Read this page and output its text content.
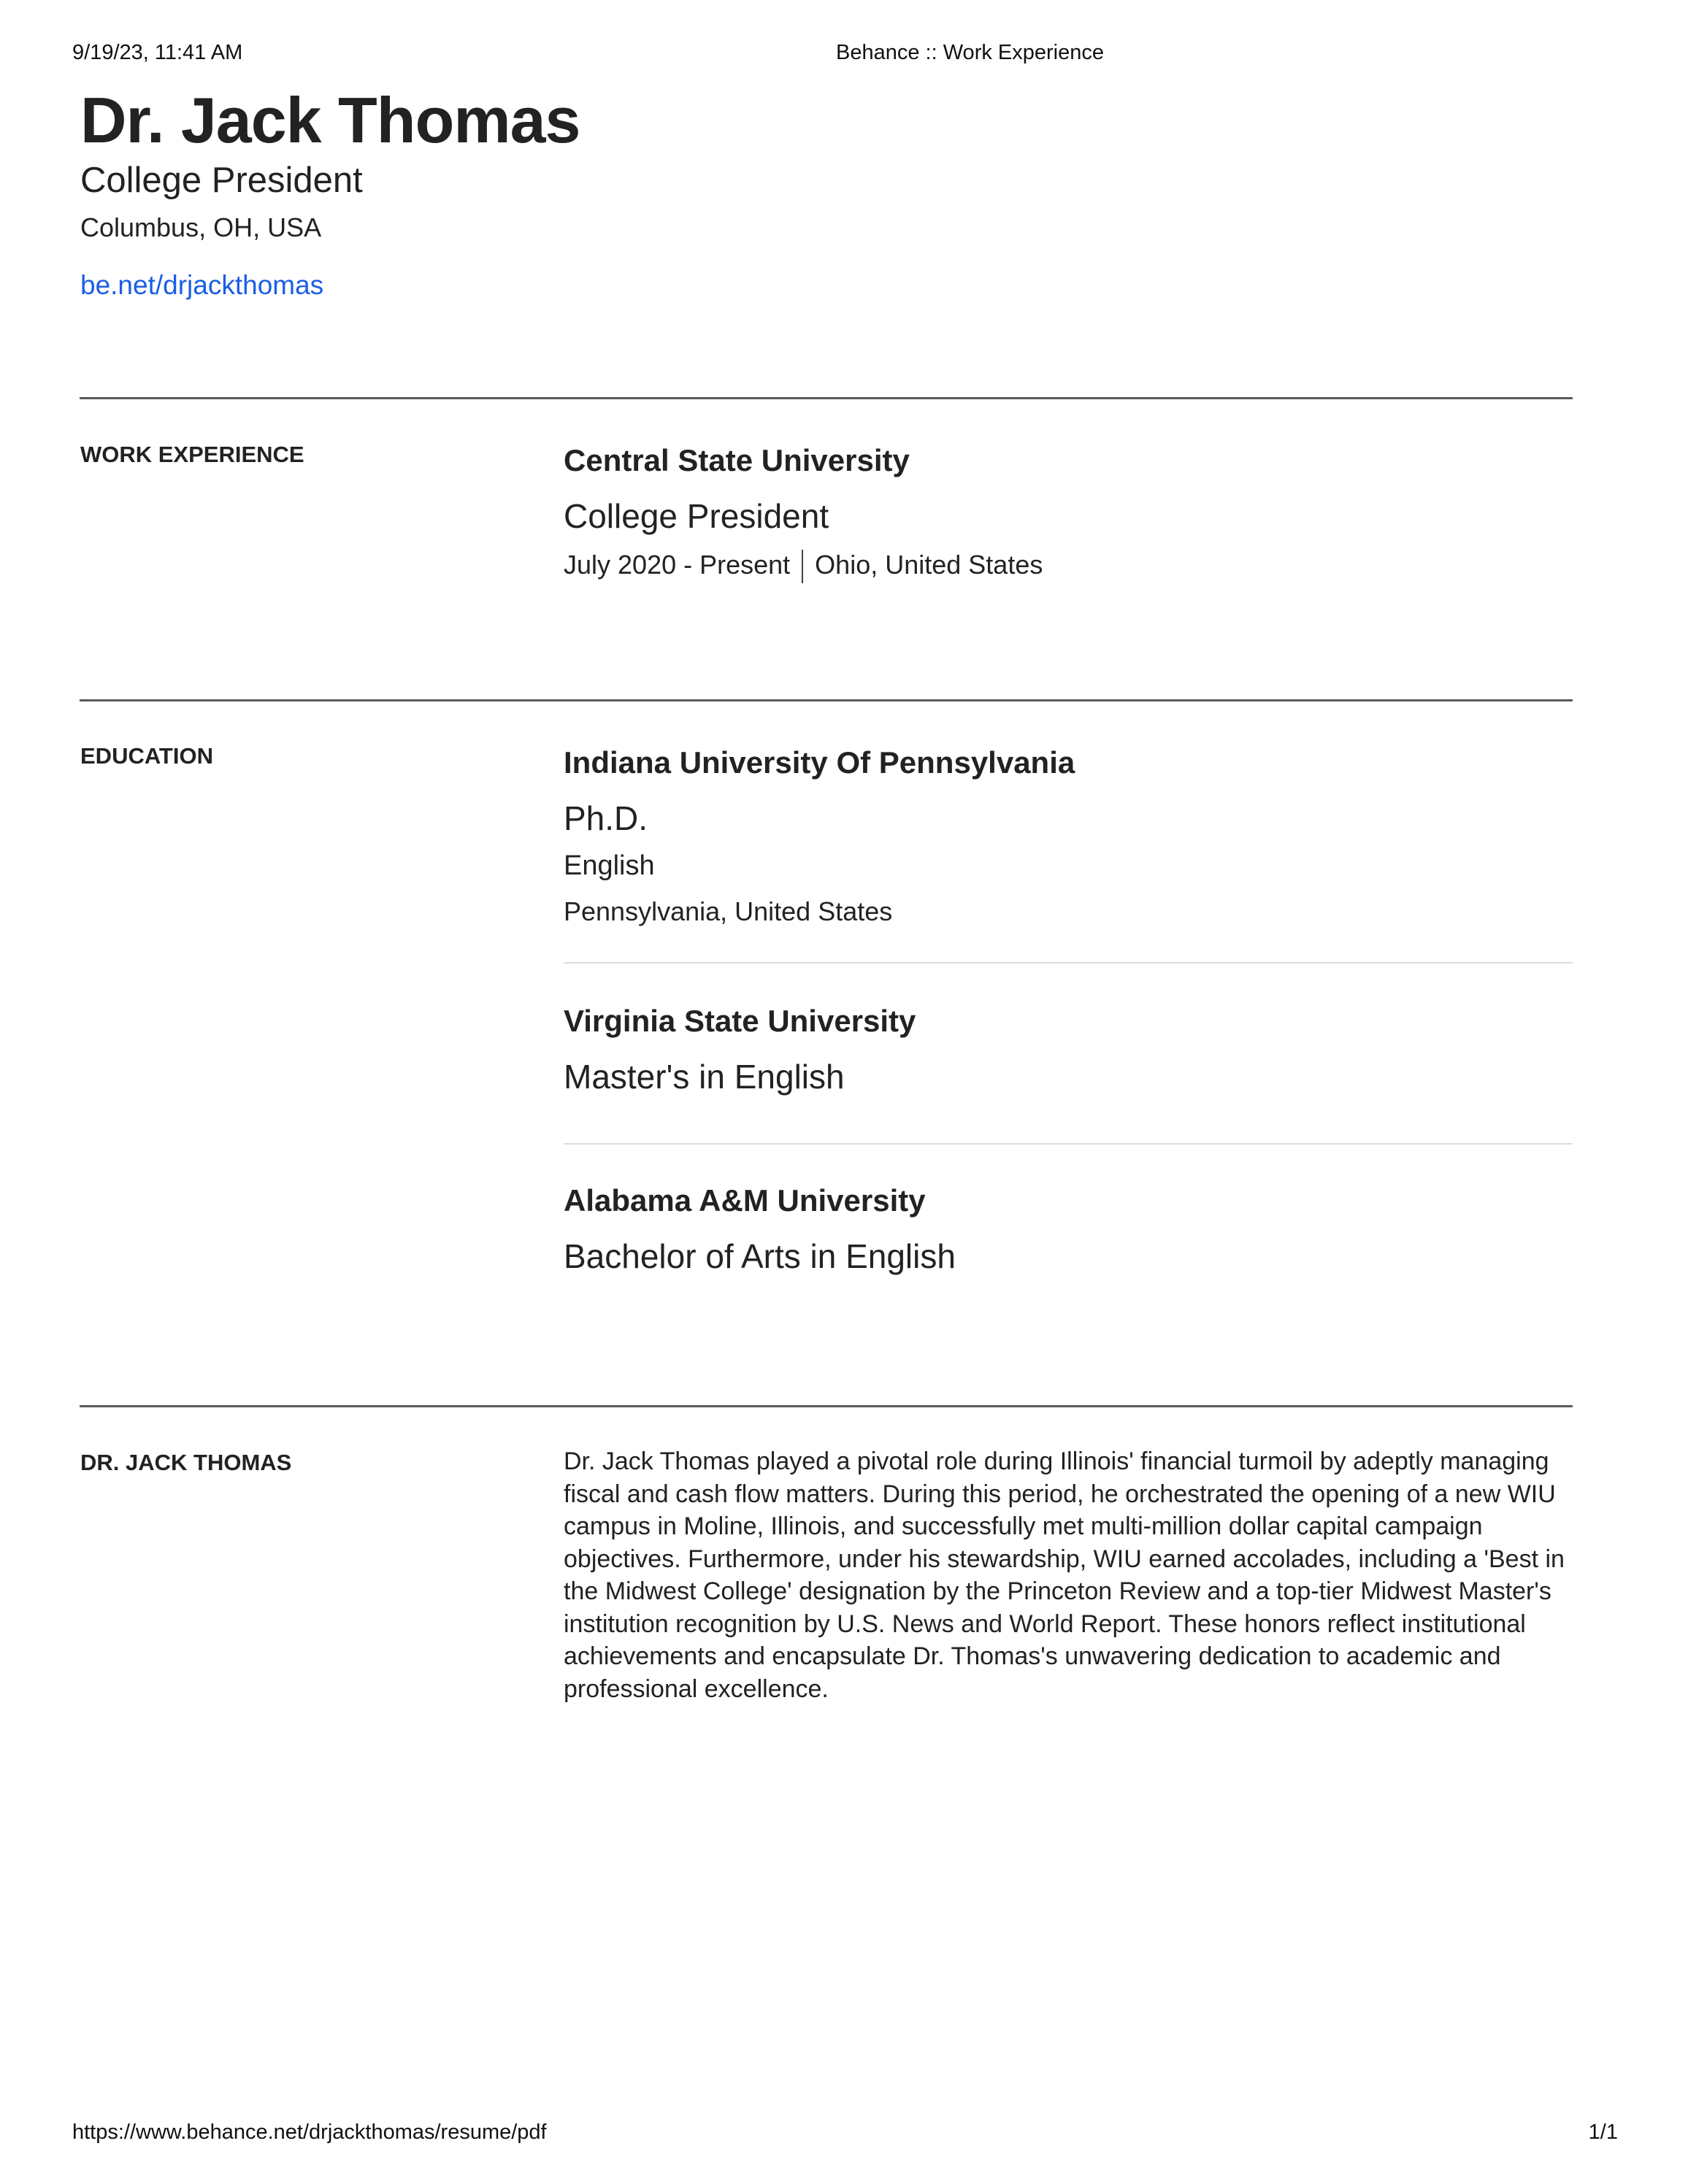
9/19/23, 11:41 AM	Behance :: Work Experience
Dr. Jack Thomas
College President
Columbus, OH, USA
be.net/drjackthomas
WORK EXPERIENCE	Central State University
College President
July 2020 - Present Ohio, United States
EDUCATION	Indiana University Of Pennsylvania
Ph.D.
English
Pennsylvania, United States
Virginia State University
Master's in English
Alabama A&M University
Bachelor of Arts in English
DR. JACK THOMAS	Dr. Jack Thomas played a pivotal role during Illinois' financial turmoil by adeptly managing fiscal and cash flow matters. During this period, he orchestrated the opening of a new WIU campus in Moline, Illinois, and successfully met multi-million dollar capital campaign objectives. Furthermore, under his stewardship, WIU earned accolades, including a 'Best in the Midwest College' designation by the Princeton Review and a top-tier Midwest Master's institution recognition by U.S. News and World Report. These honors reflect institutional achievements and encapsulate Dr. Thomas's unwavering dedication to academic and professional excellence.
https://www.behance.net/drjackthomas/resume/pdf	1/1
